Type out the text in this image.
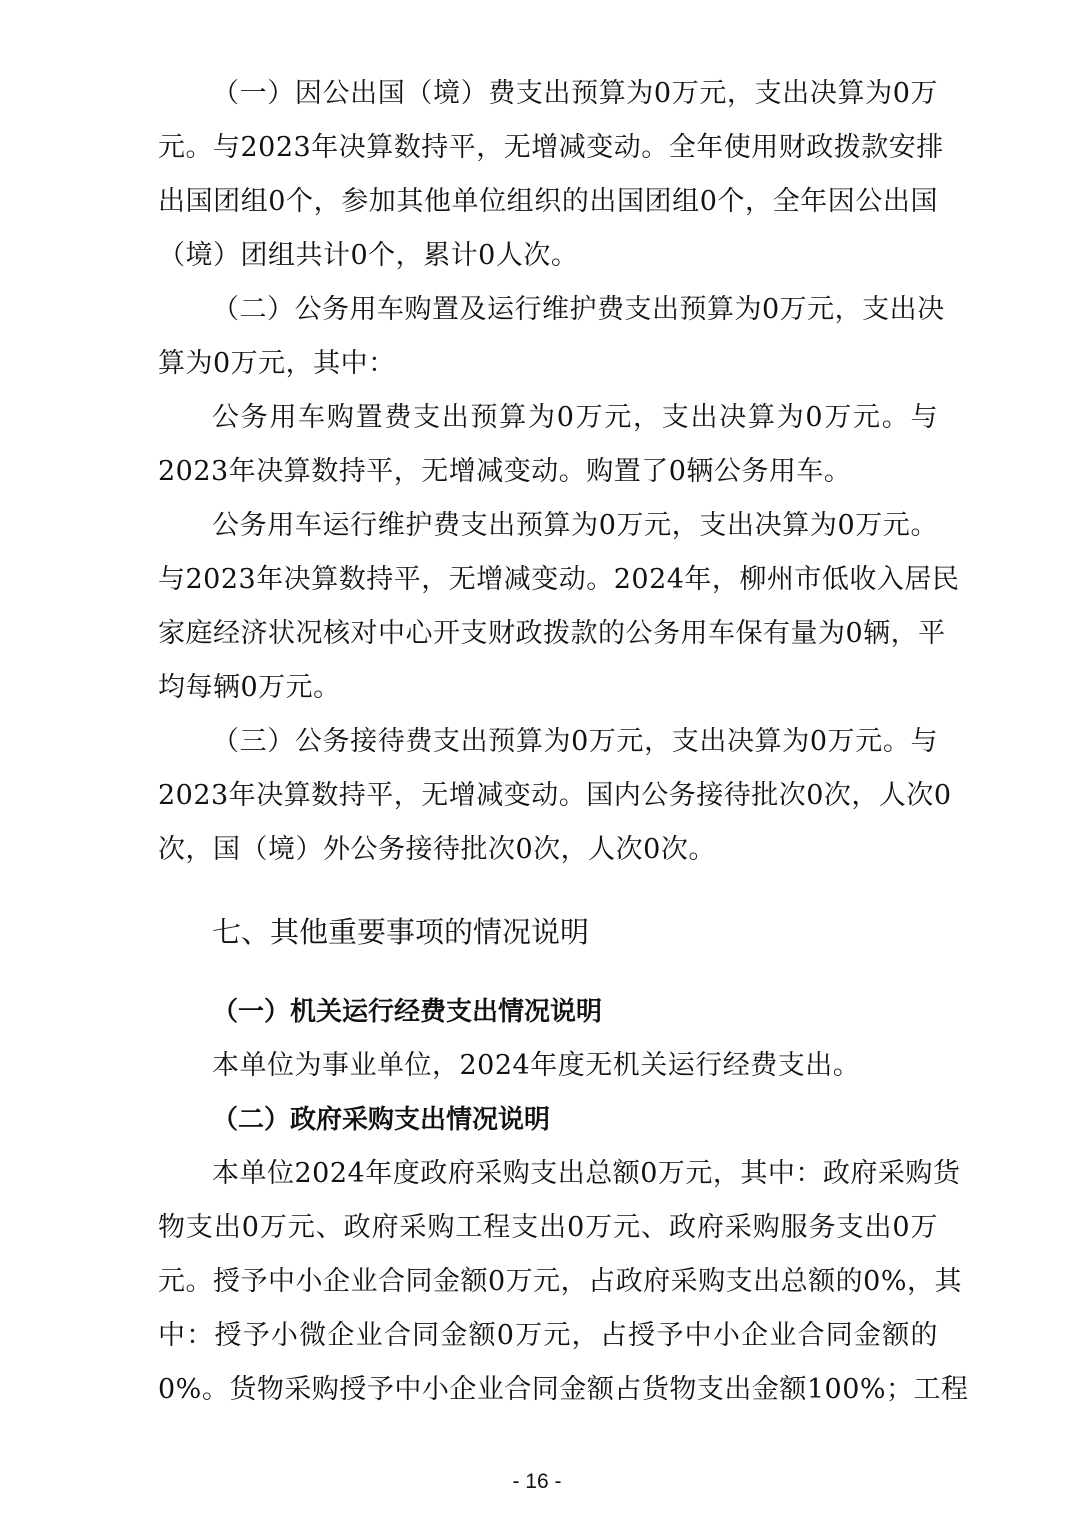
（一）因公出国（境）费支出预算为0万元，支出决算为0万
元。与2023年决算数持平，无增减变动。全年使用财政拨款安排
出国团组0个，参加其他单位组织的出国团组0个，全年因公出国
（境）团组共计0个，累计0人次。
（二）公务用车购置及运行维护费支出预算为0万元，支出决
算为0万元，其中：
公务用车购置费支出预算为0万元，支出决算为0万元。与
2023年决算数持平，无增减变动。购置了0辆公务用车。
公务用车运行维护费支出预算为0万元，支出决算为0万元。
与2023年决算数持平，无增减变动。2024年，柳州市低收入居民
家庭经济状况核对中心开支财政拨款的公务用车保有量为0辆，平
均每辆0万元。
（三）公务接待费支出预算为0万元，支出决算为0万元。与
2023年决算数持平，无增减变动。国内公务接待批次0次，人次0
次，国（境）外公务接待批次0次，人次0次。
七、其他重要事项的情况说明
（一）机关运行经费支出情况说明
本单位为事业单位，2024年度无机关运行经费支出。
（二）政府采购支出情况说明
本单位2024年度政府采购支出总额0万元，其中：政府采购货
物支出0万元、政府采购工程支出0万元、政府采购服务支出0万
元。授予中小企业合同金额0万元，占政府采购支出总额的0%，其
中：授予小微企业合同金额0万元，占授予中小企业合同金额的
0%。货物采购授予中小企业合同金额占货物支出金额100%；工程
- 16 -
